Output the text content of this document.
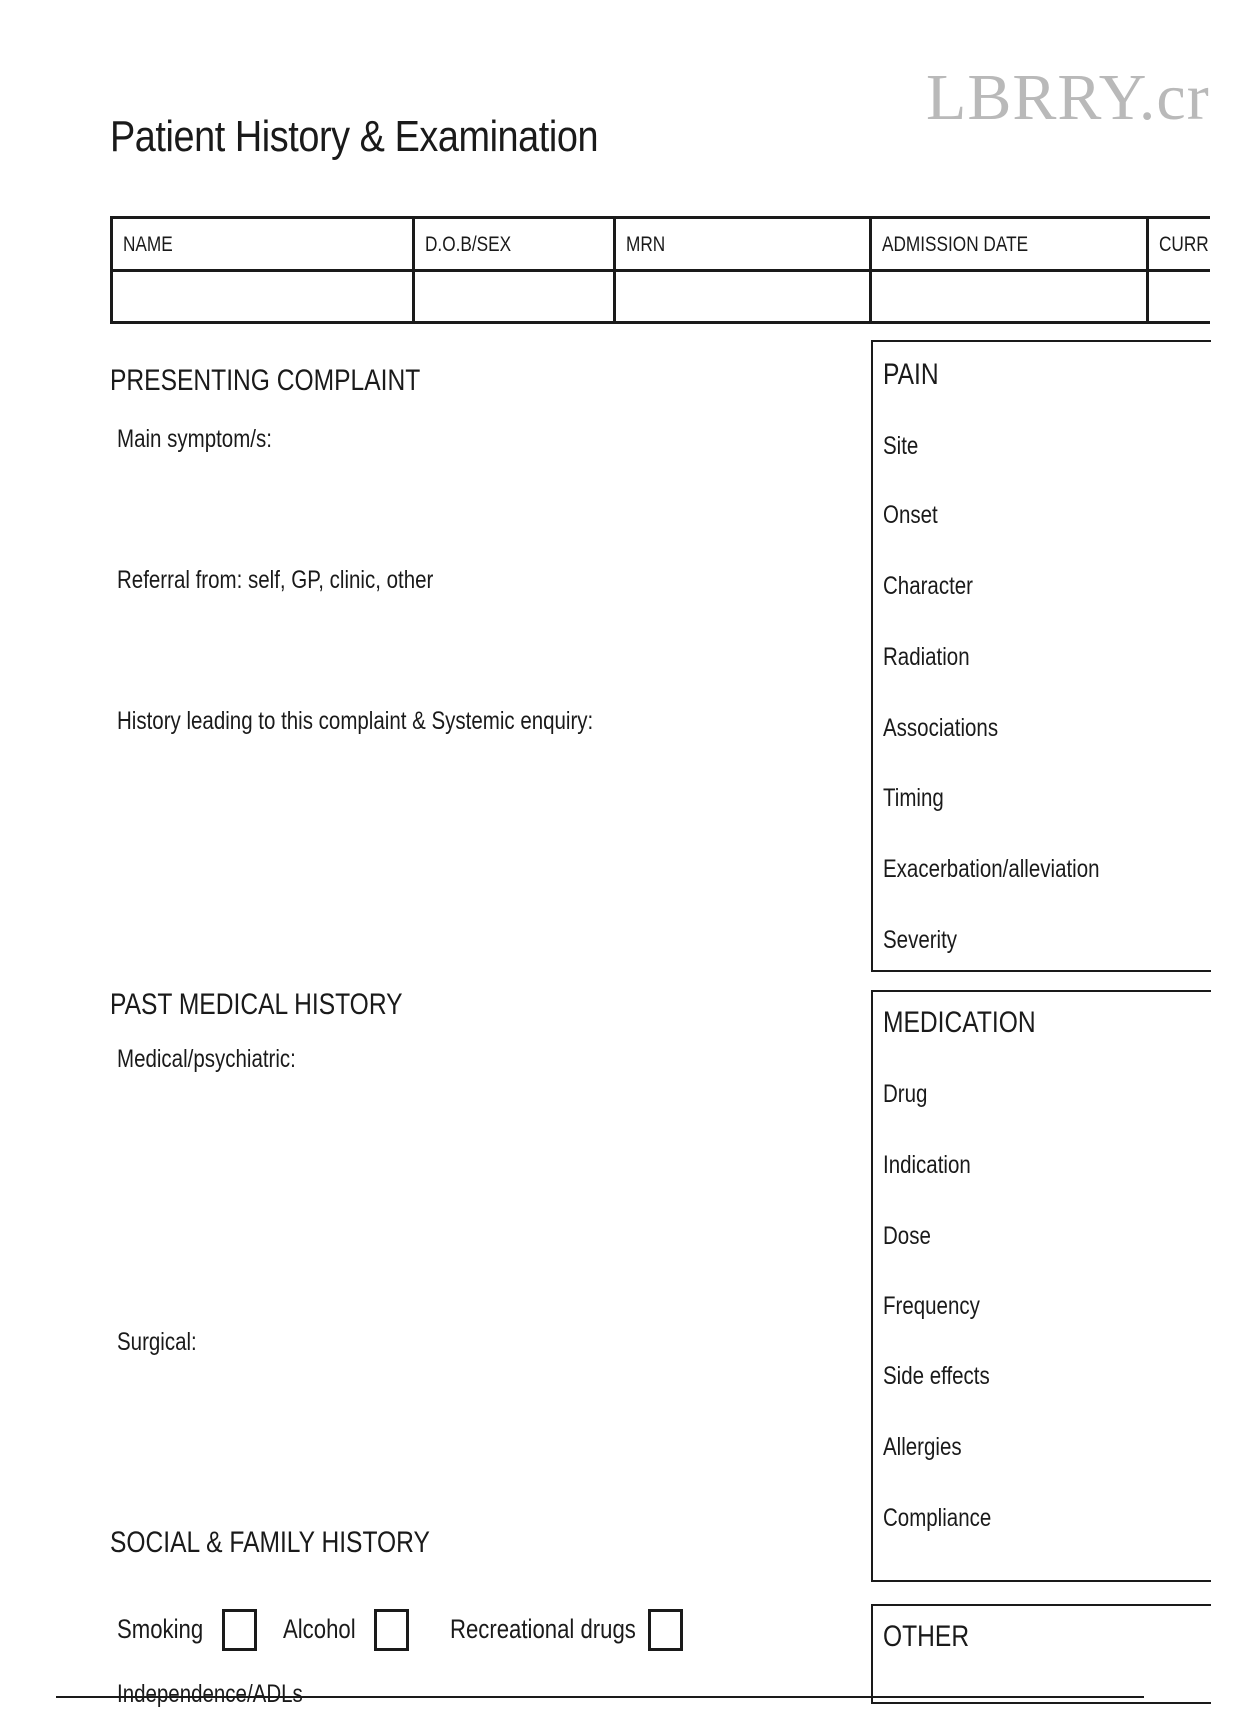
LBRRY.cr
Patient History & Examination
NAME	D.O.B/SEX	MRN	ADMISSION DATE	CURR
PRESENTING COMPLAINT
Main symptom/s:
Referral from: self, GP, clinic, other
History leading to this complaint & Systemic enquiry:
PAST MEDICAL HISTORY
Medical/psychiatric:
Surgical:
SOCIAL & FAMILY HISTORY
Smoking	Alcohol	Recreational drugs
Independence/ADLs
PAIN
Site
Onset
Character
Radiation
Associations
Timing
Exacerbation/alleviation
Severity
MEDICATION
Drug
Indication
Dose
Frequency
Side effects
Allergies
Compliance
OTHER
